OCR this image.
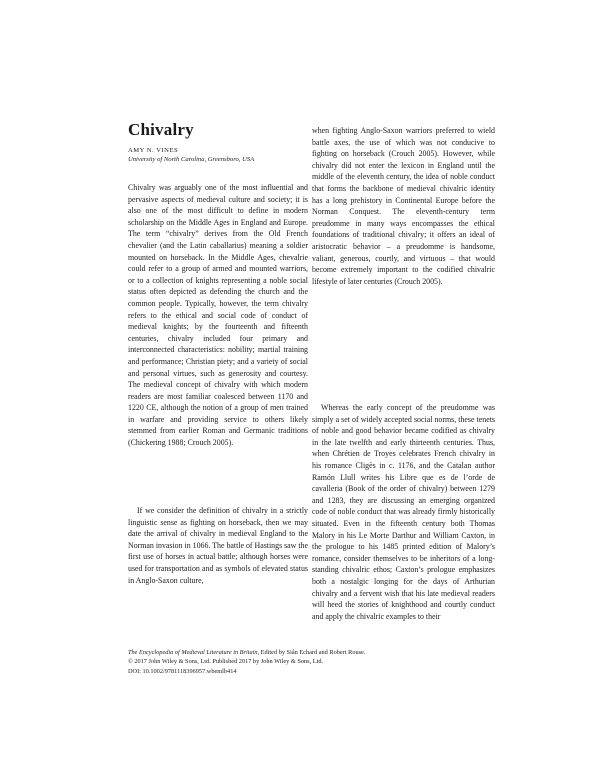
Chivalry
AMY N. VINES
University of North Carolina, Greensboro, USA

Chivalry was arguably one of the most influential and pervasive aspects of medieval culture and society; it is also one of the most difficult to define in modern scholarship on the Middle Ages in England and Europe. The term “chivalry” derives from the Old French chevalier (and the Latin caballarius) meaning a soldier mounted on horseback. In the Middle Ages, chevalrie could refer to a group of armed and mounted warriors, or to a collection of knights representing a noble social status often depicted as defending the church and the common people. Typically, however, the term chivalry refers to the ethical and social code of conduct of medieval knights; by the fourteenth and fifteenth centuries, chivalry included four primary and interconnected characteristics: nobility; martial training and performance; Christian piety; and a variety of social and personal virtues, such as generosity and courtesy. The medieval concept of chivalry with which modern readers are most familiar coalesced between 1170 and 1220 CE, although the notion of a group of men trained in warfare and providing service to others likely stemmed from earlier Roman and Germanic traditions (Chickering 1988; Crouch 2005).

If we consider the definition of chivalry in a strictly linguistic sense as fighting on horseback, then we may date the arrival of chivalry in medieval England to the Norman invasion in 1066. The battle of Hastings saw the first use of horses in actual battle; although horses were used for transportation and as symbols of elevated status in Anglo-Saxon culture,

when fighting Anglo-Saxon warriors preferred to wield battle axes, the use of which was not conducive to fighting on horseback (Crouch 2005). However, while chivalry did not enter the lexicon in England until the middle of the eleventh century, the idea of noble conduct that forms the backbone of medieval chivalric identity has a long prehistory in Continental Europe before the Norman Conquest. The eleventh-century term preudomme in many ways encompasses the ethical foundations of traditional chivalry; it offers an ideal of aristocratic behavior – a preudomme is handsome, valiant, generous, courtly, and virtuous – that would become extremely important to the codified chivalric lifestyle of later centuries (Crouch 2005).

Whereas the early concept of the preudomme was simply a set of widely accepted social norms, these tenets of noble and good behavior became codified as chivalry in the late twelfth and early thirteenth centuries. Thus, when Chrétien de Troyes celebrates French chivalry in his romance Cligès in c. 1176, and the Catalan author Ramón Llull writes his Libre que es de l’orde de cavalleria (Book of the order of chivalry) between 1279 and 1283, they are discussing an emerging organized code of noble conduct that was already firmly historically situated. Even in the fifteenth century both Thomas Malory in his Le Morte Darthur and William Caxton, in the prologue to his 1485 printed edition of Malory’s romance, consider themselves to be inheritors of a long-standing chivalric ethos; Caxton’s prologue emphasizes both a nostalgic longing for the days of Arthurian chivalry and a fervent wish that his late medieval readers will heed the stories of knighthood and courtly conduct and apply the chivalric examples to their

The Encyclopedia of Medieval Literature in Britain, Edited by Siân Echard and Robert Rouse.
© 2017 John Wiley & Sons, Ltd. Published 2017 by John Wiley & Sons, Ltd.
DOI: 10.1002/9781118396957.wbemlb414
